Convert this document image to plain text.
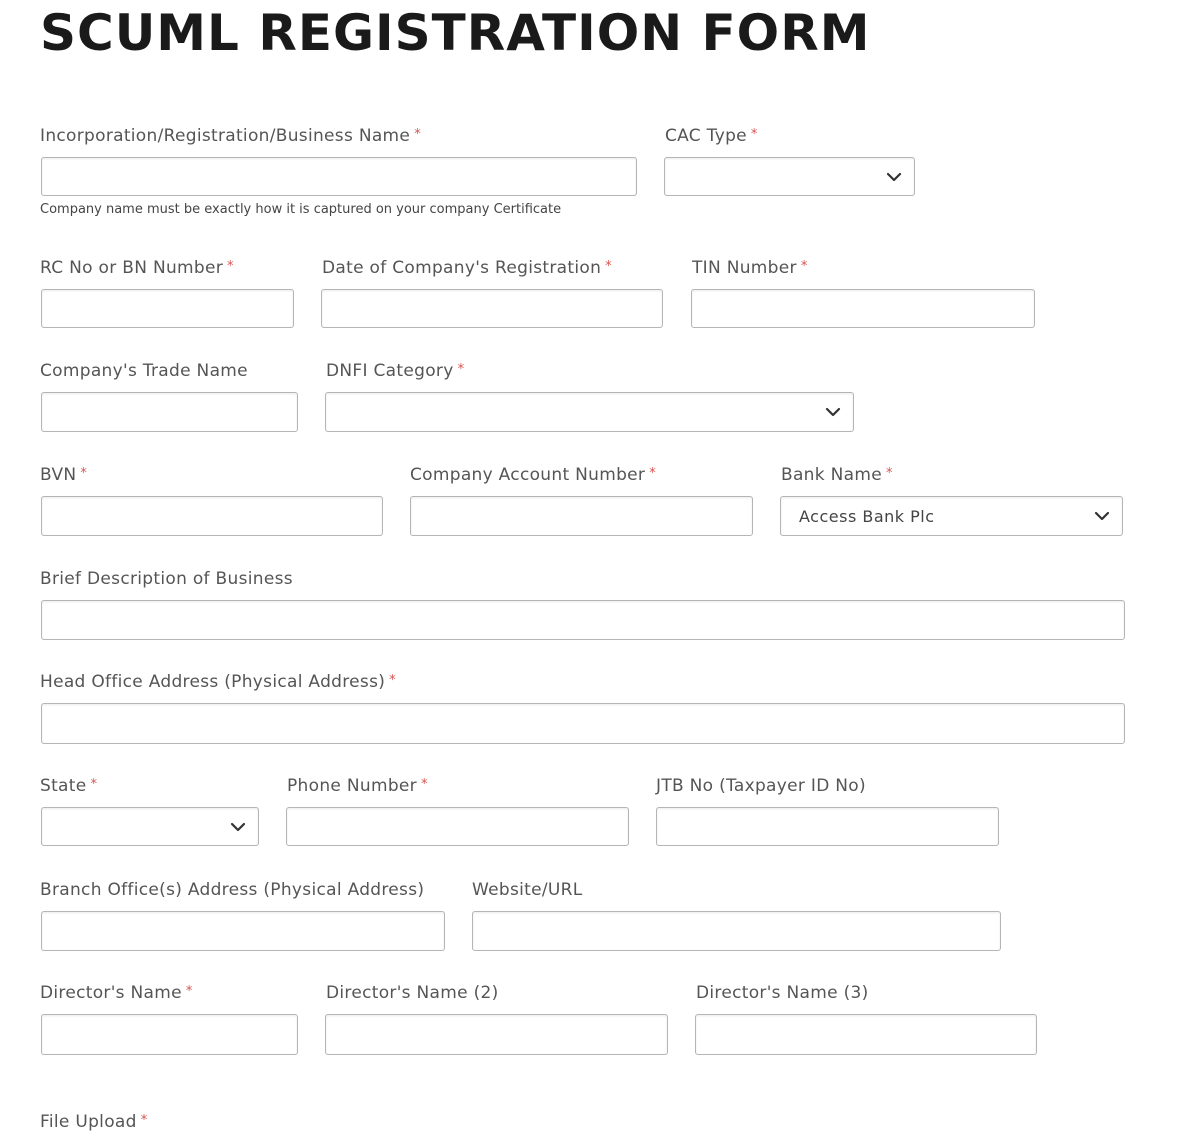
SCUML REGISTRATION FORM
Incorporation/Registration/Business Name *
Company name must be exactly how it is captured on your company Certificate
CAC Type *
RC No or BN Number *	Date of Company's Registration *	TIN Number *
Company's Trade Name	DNFI Category *
BVN *	Company Account Number *	Bank Name *
Access Bank Plc
Brief Description of Business
Head Office Address (Physical Address) *
State *	Phone Number *	JTB No (Taxpayer ID No)
Branch Office(s) Address (Physical Address)	Website/URL
Director's Name *	Director's Name (2)	Director's Name (3)
File Upload *
